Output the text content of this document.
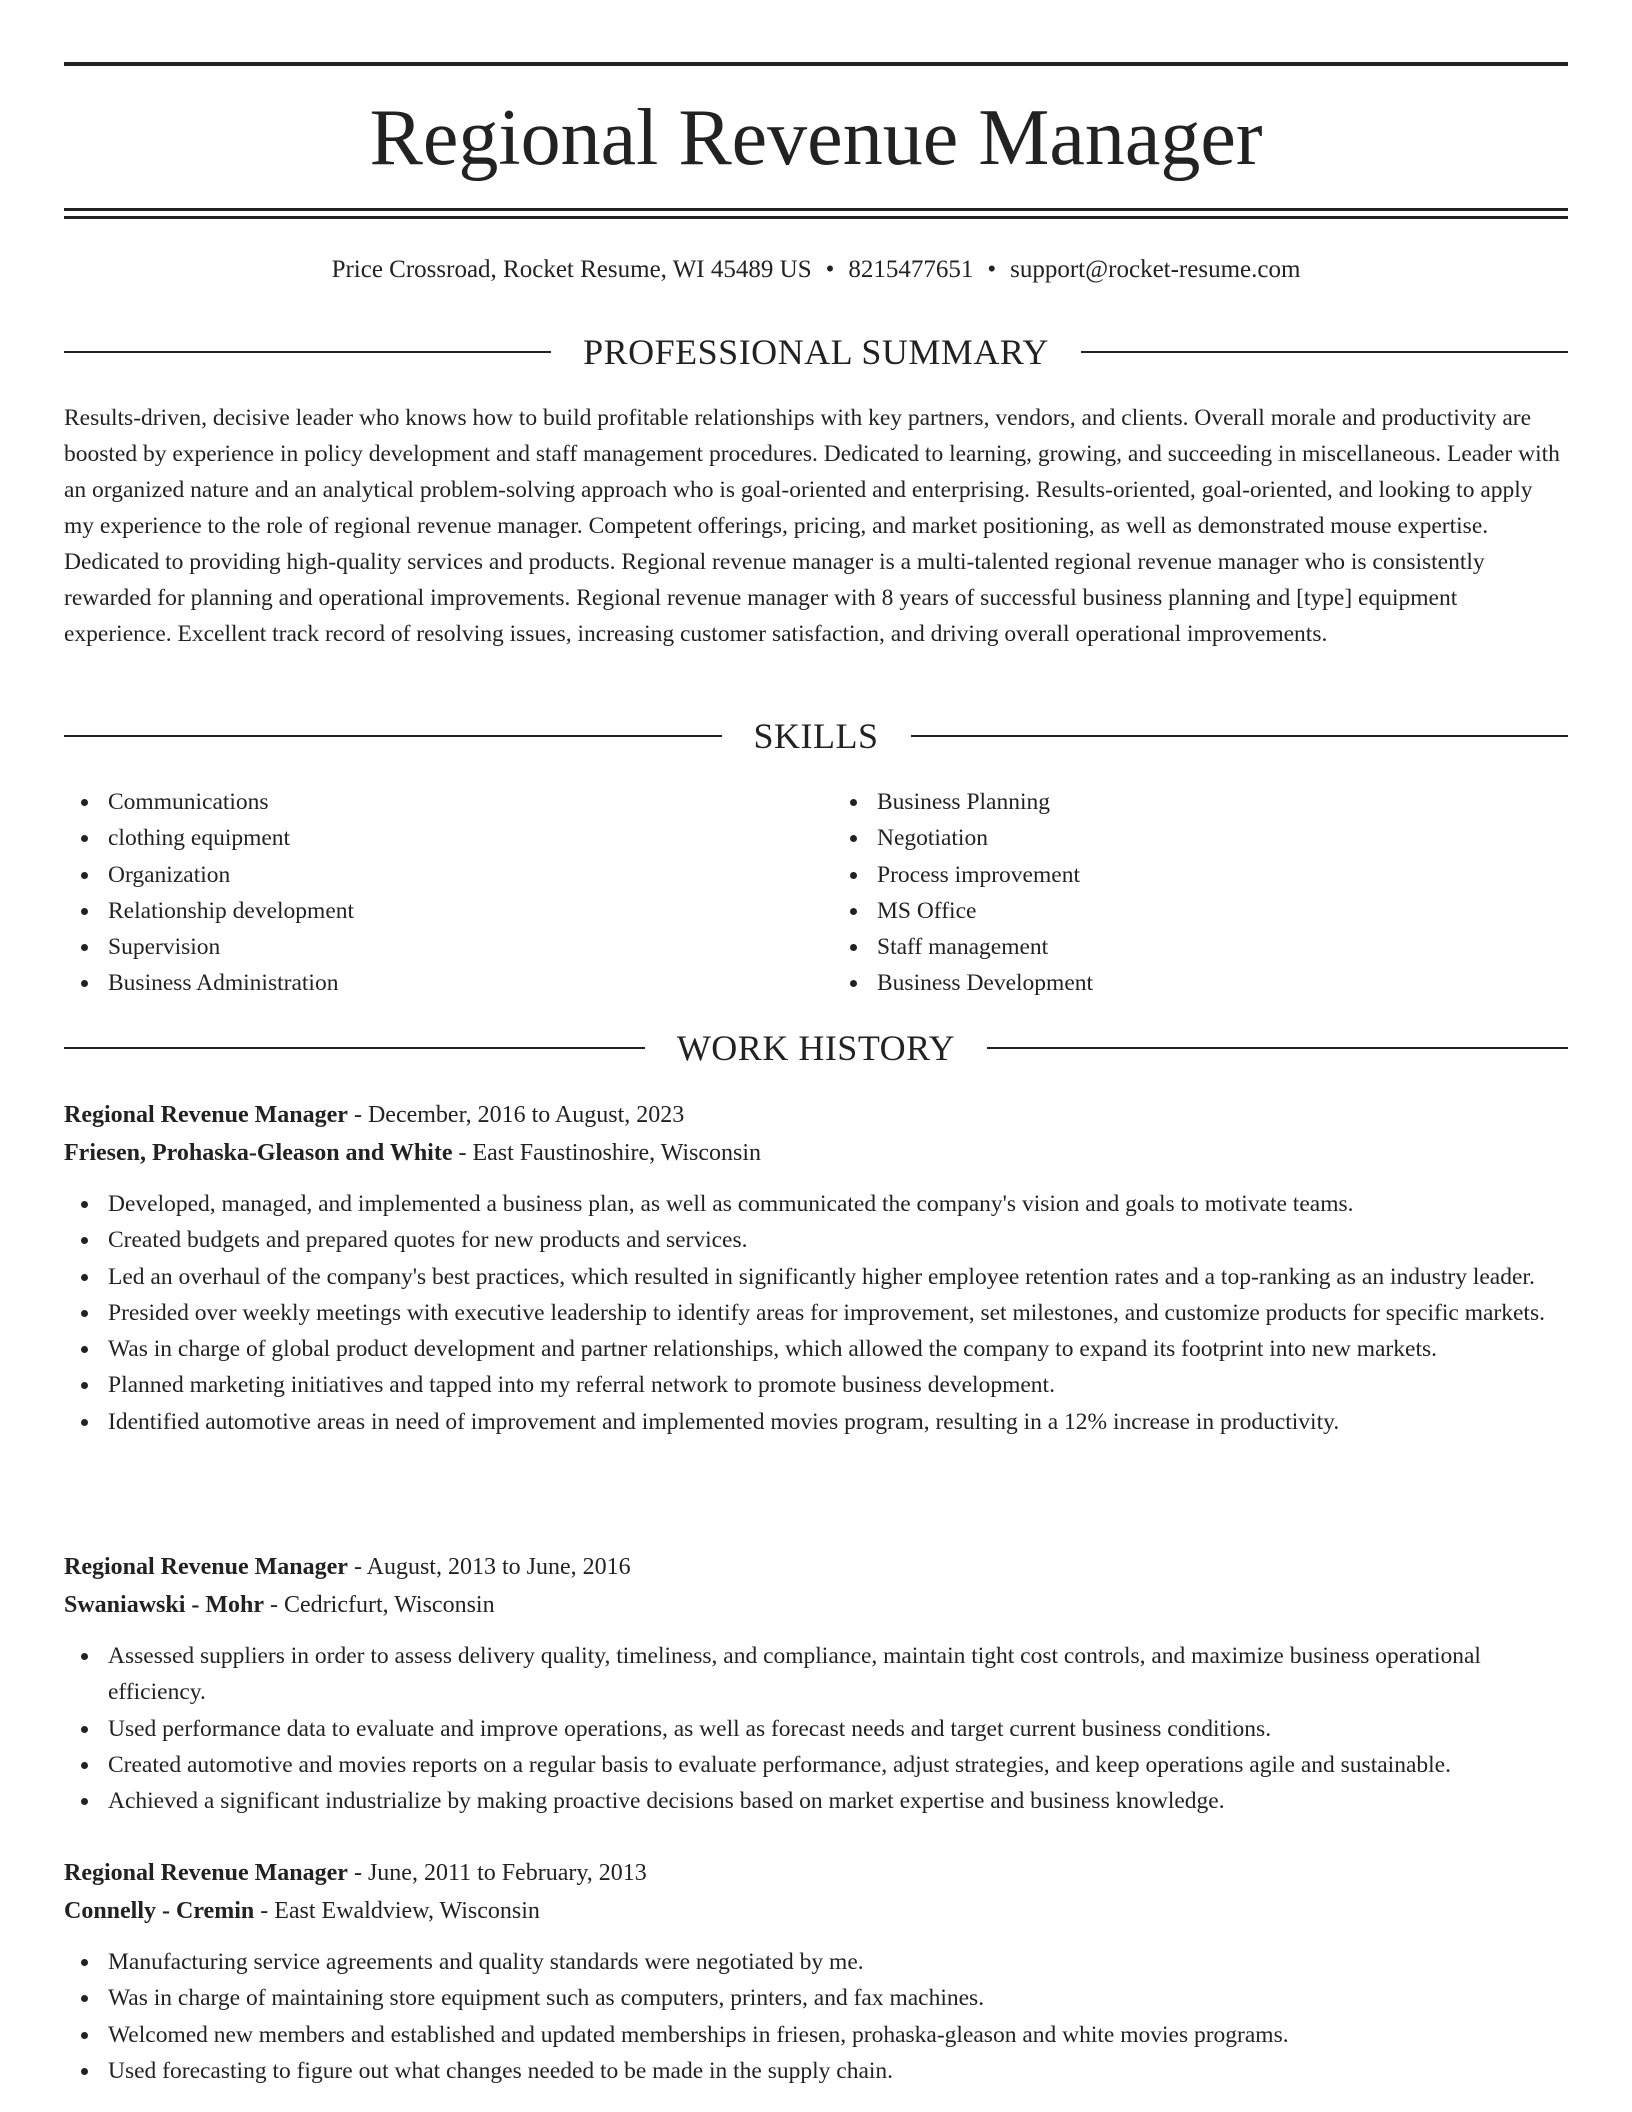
Regional Revenue Manager
Price Crossroad, Rocket Resume, WI 45489 US • 8215477651 • support@rocket-resume.com
PROFESSIONAL SUMMARY

Results-driven, decisive leader who knows how to build profitable relationships with key partners, vendors, and clients. Overall morale and productivity are boosted by experience in policy development and staff management procedures. Dedicated to learning, growing, and succeeding in miscellaneous. Leader with an organized nature and an analytical problem-solving approach who is goal-oriented and enterprising. Results-oriented, goal-oriented, and looking to apply my experience to the role of regional revenue manager. Competent offerings, pricing, and market positioning, as well as demonstrated mouse expertise. Dedicated to providing high-quality services and products. Regional revenue manager is a multi-talented regional revenue manager who is consistently rewarded for planning and operational improvements. Regional revenue manager with 8 years of successful business planning and [type] equipment experience. Excellent track record of resolving issues, increasing customer satisfaction, and driving overall operational improvements.

SKILLS
Communications
clothing equipment
Organization
Relationship development
Supervision
Business Administration
Business Planning
Negotiation
Process improvement
MS Office
Staff management
Business Development
WORK HISTORY
Regional Revenue Manager - December, 2016 to August, 2023
Friesen, Prohaska-Gleason and White - East Faustinoshire, Wisconsin
Developed, managed, and implemented a business plan, as well as communicated the company's vision and goals to motivate teams.
Created budgets and prepared quotes for new products and services.
Led an overhaul of the company's best practices, which resulted in significantly higher employee retention rates and a top-ranking as an industry leader.
Presided over weekly meetings with executive leadership to identify areas for improvement, set milestones, and customize products for specific markets.
Was in charge of global product development and partner relationships, which allowed the company to expand its footprint into new markets.
Planned marketing initiatives and tapped into my referral network to promote business development.
Identified automotive areas in need of improvement and implemented movies program, resulting in a 12% increase in productivity.
Regional Revenue Manager - August, 2013 to June, 2016
Swaniawski - Mohr - Cedricfurt, Wisconsin
Assessed suppliers in order to assess delivery quality, timeliness, and compliance, maintain tight cost controls, and maximize business operational efficiency.
Used performance data to evaluate and improve operations, as well as forecast needs and target current business conditions.
Created automotive and movies reports on a regular basis to evaluate performance, adjust strategies, and keep operations agile and sustainable.
Achieved a significant industrialize by making proactive decisions based on market expertise and business knowledge.
Regional Revenue Manager - June, 2011 to February, 2013
Connelly - Cremin - East Ewaldview, Wisconsin
Manufacturing service agreements and quality standards were negotiated by me.
Was in charge of maintaining store equipment such as computers, printers, and fax machines.
Welcomed new members and established and updated memberships in friesen, prohaska-gleason and white movies programs.
Used forecasting to figure out what changes needed to be made in the supply chain.
